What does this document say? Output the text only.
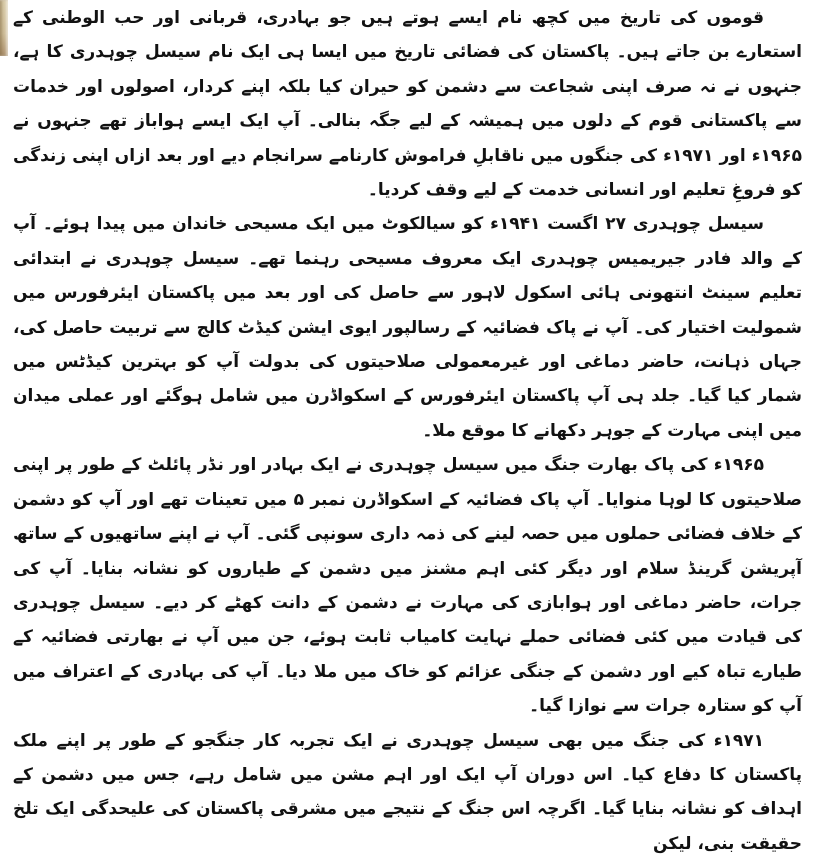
قوموں کی تاریخ میں کچھ نام ایسے ہوتے ہیں جو بہادری، قربانی اور حب الوطنی کے استعارے بن جاتے ہیں۔ پاکستان کی فضائی تاریخ میں ایسا ہی ایک نام سیسل چوہدری کا ہے، جنہوں نے نہ صرف اپنی شجاعت سے دشمن کو حیران کیا بلکہ اپنے کردار، اصولوں اور خدمات سے پاکستانی قوم کے دلوں میں ہمیشہ کے لیے جگہ بنالی۔ آپ ایک ایسے ہواباز تھے جنہوں نے ۱۹۶۵ء اور ۱۹۷۱ء کی جنگوں میں ناقابلِ فراموش کارنامے سرانجام دیے اور بعد ازاں اپنی زندگی کو فروغِ تعلیم اور انسانی خدمت کے لیے وقف کردیا۔

سیسل چوہدری ۲۷ اگست ۱۹۴۱ء کو سیالکوٹ میں ایک مسیحی خاندان میں پیدا ہوئے۔ آپ کے والد فادر جیریمیس چوہدری ایک معروف مسیحی رہنما تھے۔ سیسل چوہدری نے ابتدائی تعلیم سینٹ انتھونی ہائی اسکول لاہور سے حاصل کی اور بعد میں پاکستان ایئرفورس میں شمولیت اختیار کی۔ آپ نے پاک فضائیہ کے رسالپور ایوی ایشن کیڈٹ کالج سے تربیت حاصل کی، جہاں ذہانت، حاضر دماغی اور غیرمعمولی صلاحیتوں کی بدولت آپ کو بہترین کیڈٹس میں شمار کیا گیا۔ جلد ہی آپ پاکستان ایئرفورس کے اسکواڈرن میں شامل ہوگئے اور عملی میدان میں اپنی مہارت کے جوہر دکھانے کا موقع ملا۔

۱۹۶۵ء کی پاک بھارت جنگ میں سیسل چوہدری نے ایک بہادر اور نڈر پائلٹ کے طور پر اپنی صلاحیتوں کا لوہا منوایا۔ آپ پاک فضائیہ کے اسکواڈرن نمبر ۵ میں تعینات تھے اور آپ کو دشمن کے خلاف فضائی حملوں میں حصہ لینے کی ذمہ داری سونپی گئی۔ آپ نے اپنے ساتھیوں کے ساتھ آپریشن گرینڈ سلام اور دیگر کئی اہم مشنز میں دشمن کے طیاروں کو نشانہ بنایا۔ آپ کی جرات، حاضر دماغی اور ہوابازی کی مہارت نے دشمن کے دانت کھٹے کر دیے۔ سیسل چوہدری کی قیادت میں کئی فضائی حملے نہایت کامیاب ثابت ہوئے، جن میں آپ نے بھارتی فضائیہ کے طیارے تباہ کیے اور دشمن کے جنگی عزائم کو خاک میں ملا دیا۔ آپ کی بہادری کے اعتراف میں آپ کو ستارہ جرات سے نوازا گیا۔

۱۹۷۱ء کی جنگ میں بھی سیسل چوہدری نے ایک تجربہ کار جنگجو کے طور پر اپنے ملک پاکستان کا دفاع کیا۔ اس دوران آپ ایک اور اہم مشن میں شامل رہے، جس میں دشمن کے اہداف کو نشانہ بنایا گیا۔ اگرچہ اس جنگ کے نتیجے میں مشرقی پاکستان کی علیحدگی ایک تلخ حقیقت بنی، لیکن
